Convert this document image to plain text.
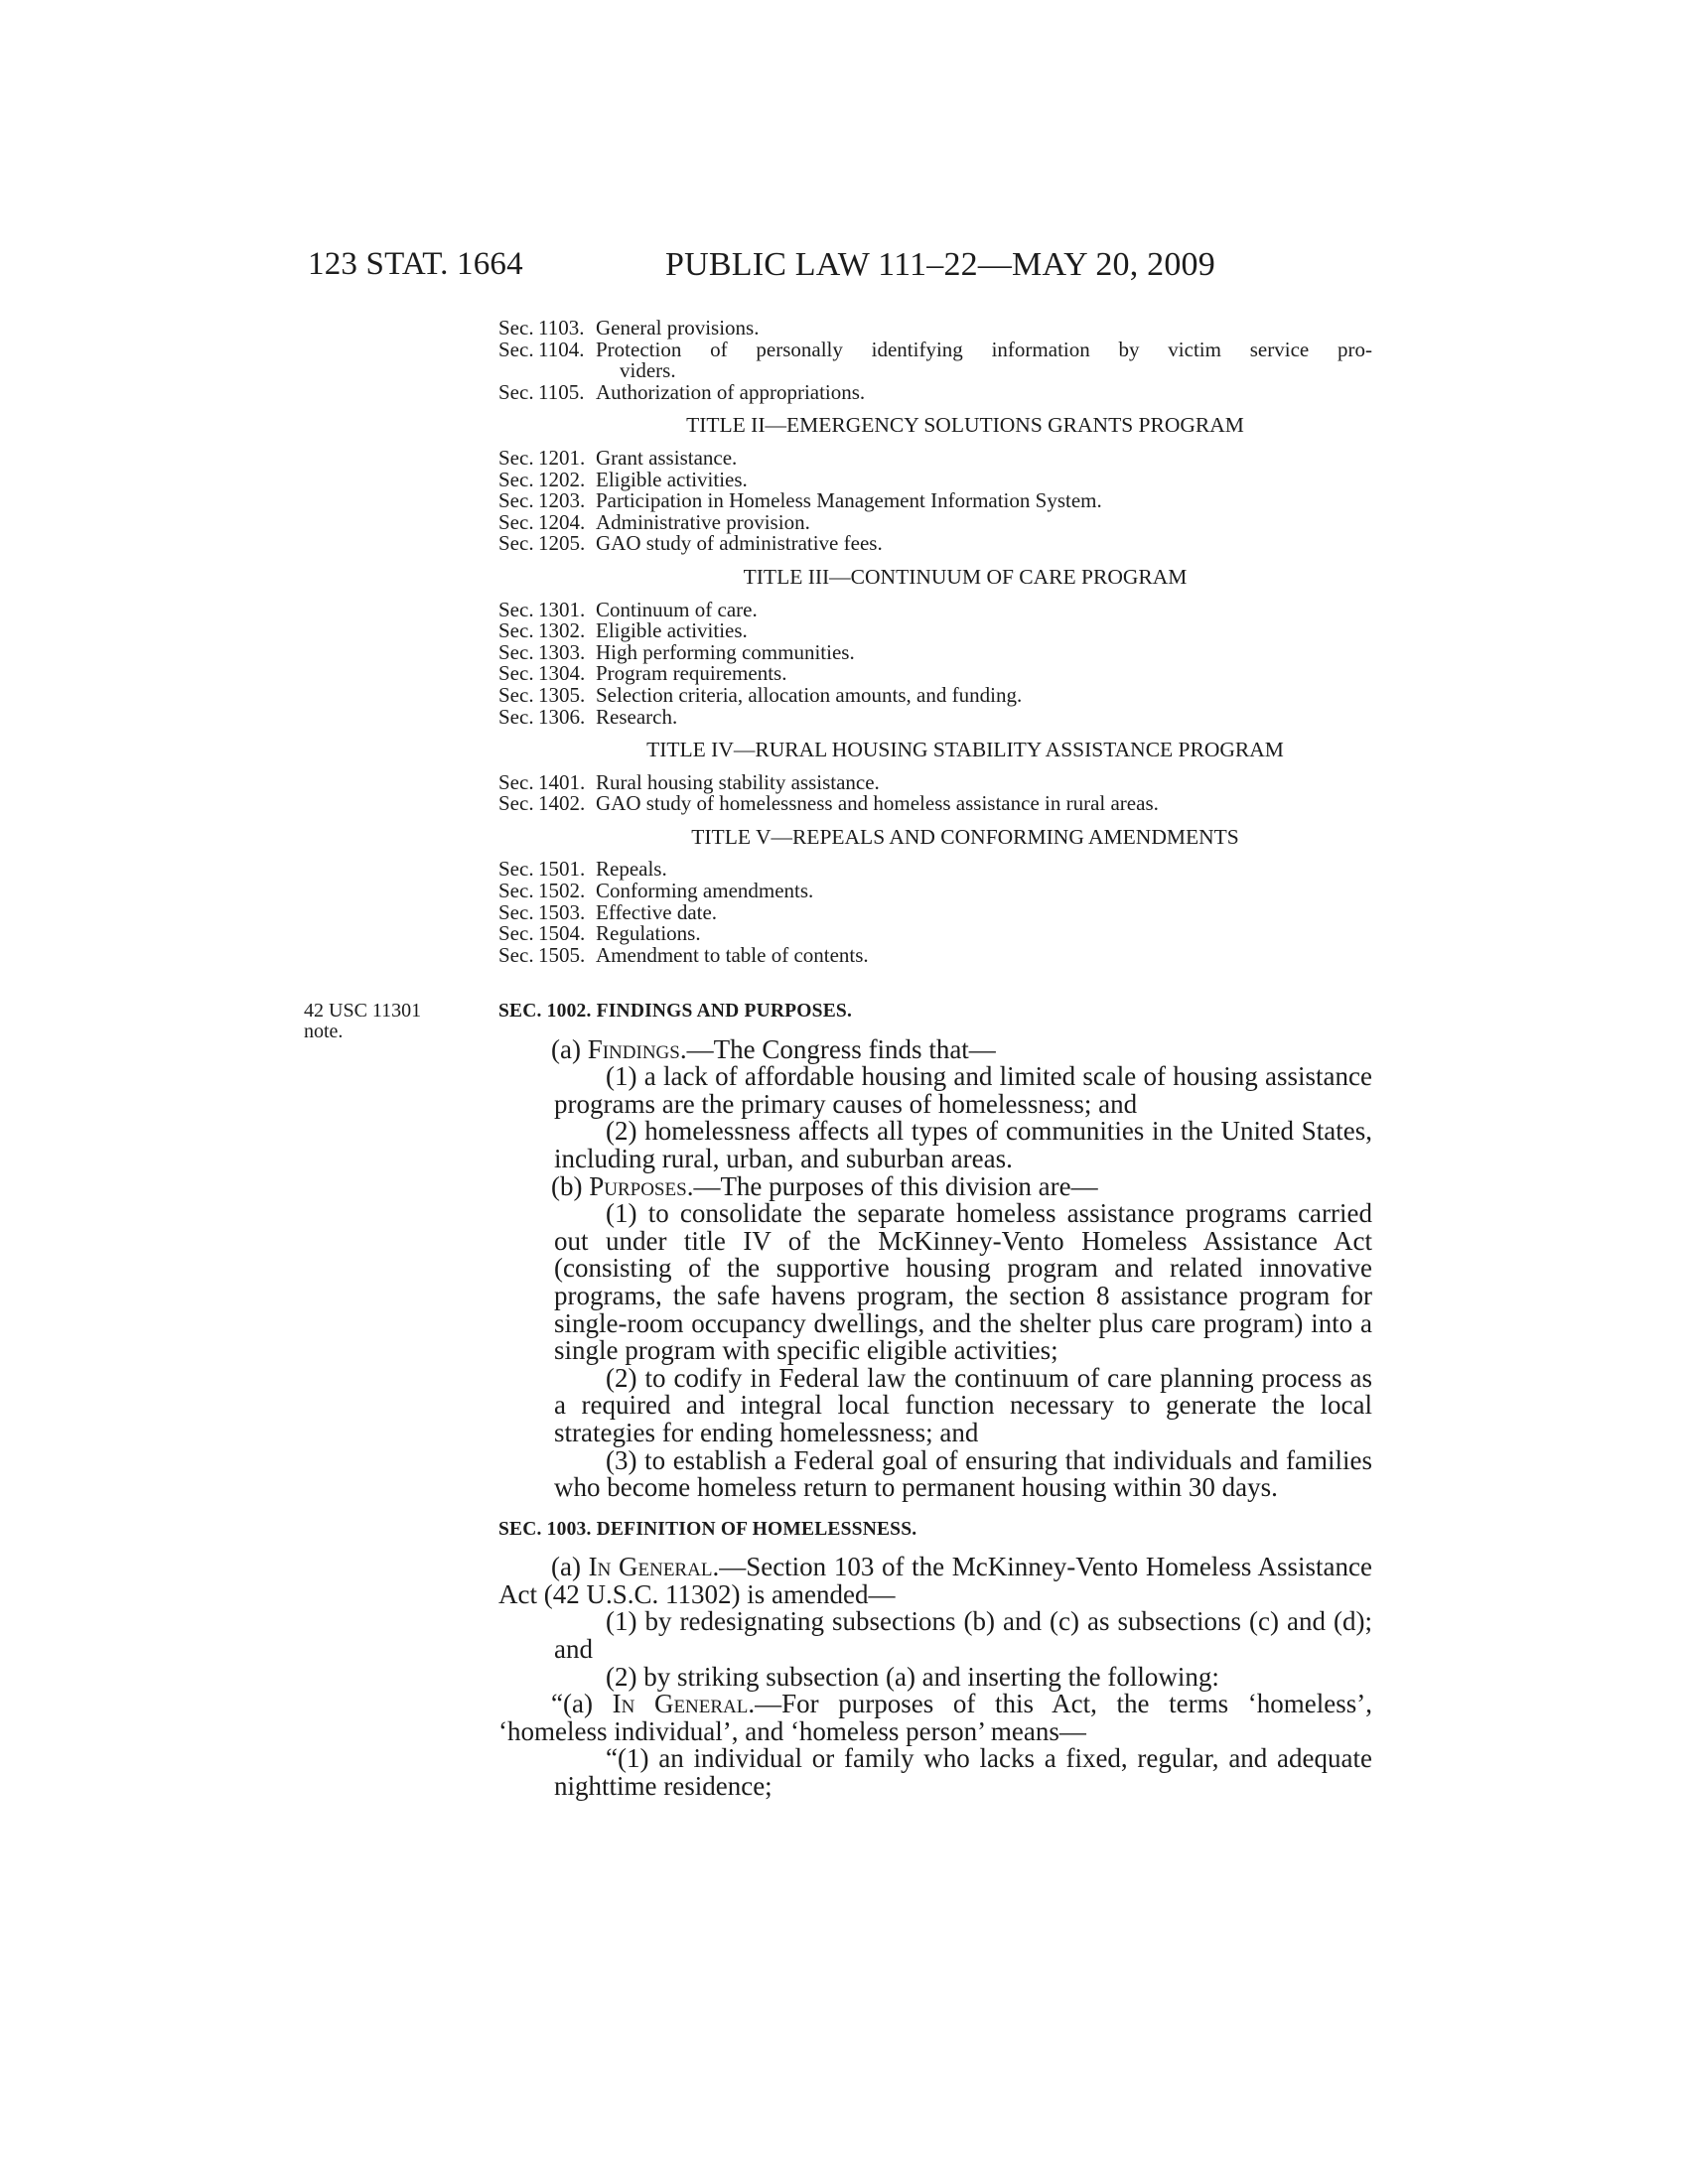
123 STAT. 1664	PUBLIC LAW 111–22—MAY 20, 2009
Sec. 1103. General provisions.
Sec. 1104. Protection of personally identifying information by victim service pro-
viders.
Sec. 1105. Authorization of appropriations.
TITLE II—EMERGENCY SOLUTIONS GRANTS PROGRAM
Sec. 1201. Grant assistance.
Sec. 1202. Eligible activities.
Sec. 1203. Participation in Homeless Management Information System.
Sec. 1204. Administrative provision.
Sec. 1205. GAO study of administrative fees.
TITLE III—CONTINUUM OF CARE PROGRAM
Sec. 1301. Continuum of care.
Sec. 1302. Eligible activities.
Sec. 1303. High performing communities.
Sec. 1304. Program requirements.
Sec. 1305. Selection criteria, allocation amounts, and funding.
Sec. 1306. Research.
TITLE IV—RURAL HOUSING STABILITY ASSISTANCE PROGRAM
Sec. 1401. Rural housing stability assistance.
Sec. 1402. GAO study of homelessness and homeless assistance in rural areas.
TITLE V—REPEALS AND CONFORMING AMENDMENTS
Sec. 1501. Repeals.
Sec. 1502. Conforming amendments.
Sec. 1503. Effective date.
Sec. 1504. Regulations.
Sec. 1505. Amendment to table of contents.
42 USC 11301
note.
SEC. 1002. FINDINGS AND PURPOSES.

(a) Findings.—The Congress finds that—

(1) a lack of affordable housing and limited scale of housing assistance programs are the primary causes of homelessness; and

(2) homelessness affects all types of communities in the United States, including rural, urban, and suburban areas.

(b) Purposes.—The purposes of this division are—

(1) to consolidate the separate homeless assistance programs carried out under title IV of the McKinney-Vento Homeless Assistance Act (consisting of the supportive housing program and related innovative programs, the safe havens program, the section 8 assistance program for single-room occupancy dwellings, and the shelter plus care program) into a single program with specific eligible activities;

(2) to codify in Federal law the continuum of care planning process as a required and integral local function necessary to generate the local strategies for ending homelessness; and

(3) to establish a Federal goal of ensuring that individuals and families who become homeless return to permanent housing within 30 days.

SEC. 1003. DEFINITION OF HOMELESSNESS.

(a) In General.—Section 103 of the McKinney-Vento Homeless Assistance Act (42 U.S.C. 11302) is amended—

(1) by redesignating subsections (b) and (c) as subsections (c) and (d); and

(2) by striking subsection (a) and inserting the following:

“(a) In General.—For purposes of this Act, the terms ‘homeless’, ‘homeless individual’, and ‘homeless person’ means—

“(1) an individual or family who lacks a fixed, regular, and adequate nighttime residence;
